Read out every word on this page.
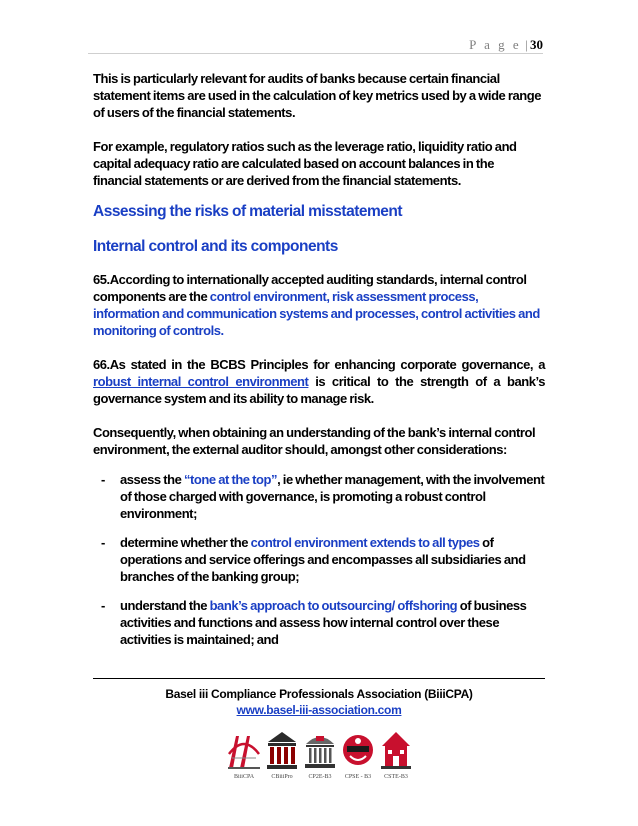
P a g e | 30

This is particularly relevant for audits of banks because certain financial statement items are used in the calculation of key metrics used by a wide range of users of the financial statements.

For example, regulatory ratios such as the leverage ratio, liquidity ratio and capital adequacy ratio are calculated based on account balances in the financial statements or are derived from the financial statements.

Assessing the risks of material misstatement
Internal control and its components

65.According to internationally accepted auditing standards, internal control components are the control environment, risk assessment process, information and communication systems and processes, control activities and monitoring of controls.

66.As stated in the BCBS Principles for enhancing corporate governance, a robust internal control environment is critical to the strength of a bank’s governance system and its ability to manage risk.

Consequently, when obtaining an understanding of the bank’s internal control environment, the external auditor should, amongst other considerations:

- assess the “tone at the top”, ie whether management, with the involvement of those charged with governance, is promoting a robust control environment;
- determine whether the control environment extends to all types of operations and service offerings and encompasses all subsidiaries and branches of the banking group;
- understand the bank’s approach to outsourcing/ offshoring of business activities and functions and assess how internal control over these activities is maintained; and
Basel iii Compliance Professionals Association (BiiiCPA)
www.basel-iii-association.com
BiiiCPA	CBiiiPro	CP2E-B3	CPSE - B3	CSTE-B3
